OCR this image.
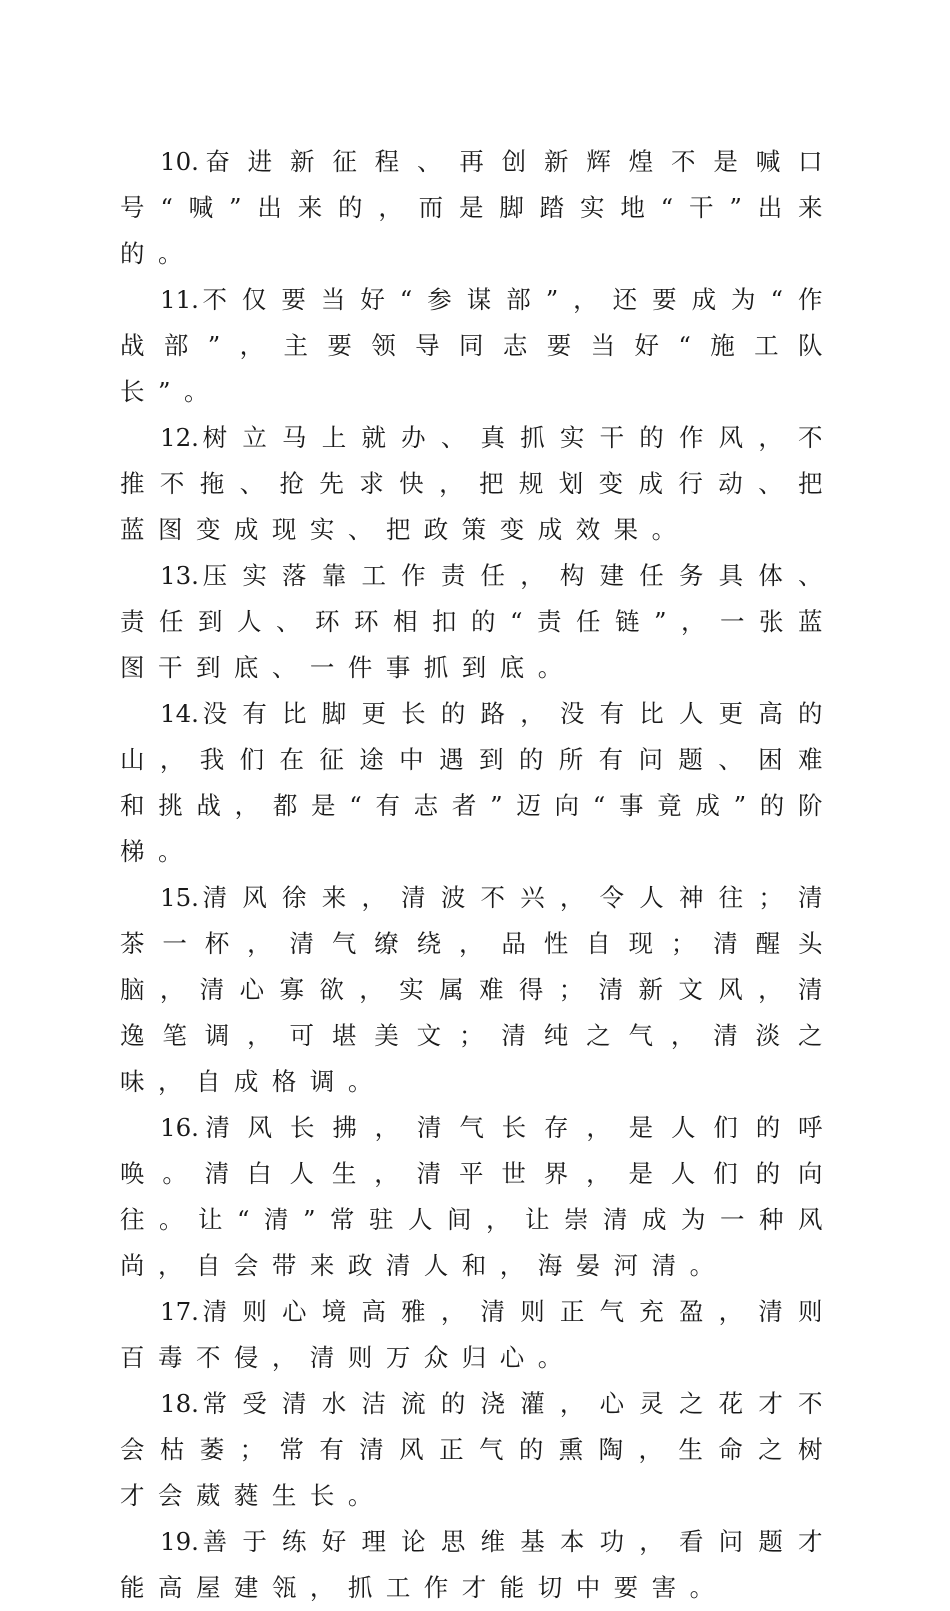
10.奋进新征程、再创新辉煌不是喊口号“喊”出来的，而是脚踏实地“干”出来的。

11.不仅要当好“参谋部”，还要成为“作战部”，主要领导同志要当好“施工队长”。

12.树立马上就办、真抓实干的作风，不推不拖、抢先求快，把规划变成行动、把蓝图变成现实、把政策变成效果。

13.压实落靠工作责任，构建任务具体、责任到人、环环相扣的“责任链”，一张蓝图干到底、一件事抓到底。

14.没有比脚更长的路，没有比人更高的山，我们在征途中遇到的所有问题、困难和挑战，都是“有志者”迈向“事竟成”的阶梯。

15.清风徐来，清波不兴，令人神往；清茶一杯，清气缭绕，品性自现；清醒头脑，清心寡欲，实属难得；清新文风，清逸笔调，可堪美文；清纯之气，清淡之味，自成格调。

16.清风长拂，清气长存，是人们的呼唤。清白人生，清平世界，是人们的向往。让“清”常驻人间，让崇清成为一种风尚，自会带来政清人和，海晏河清。

17.清则心境高雅，清则正气充盈，清则百毒不侵，清则万众归心。

18.常受清水洁流的浇灌，心灵之花才不会枯萎；常有清风正气的熏陶，生命之树才会葳蕤生长。

19.善于练好理论思维基本功，看问题才能高屋建瓴，抓工作才能切中要害。
